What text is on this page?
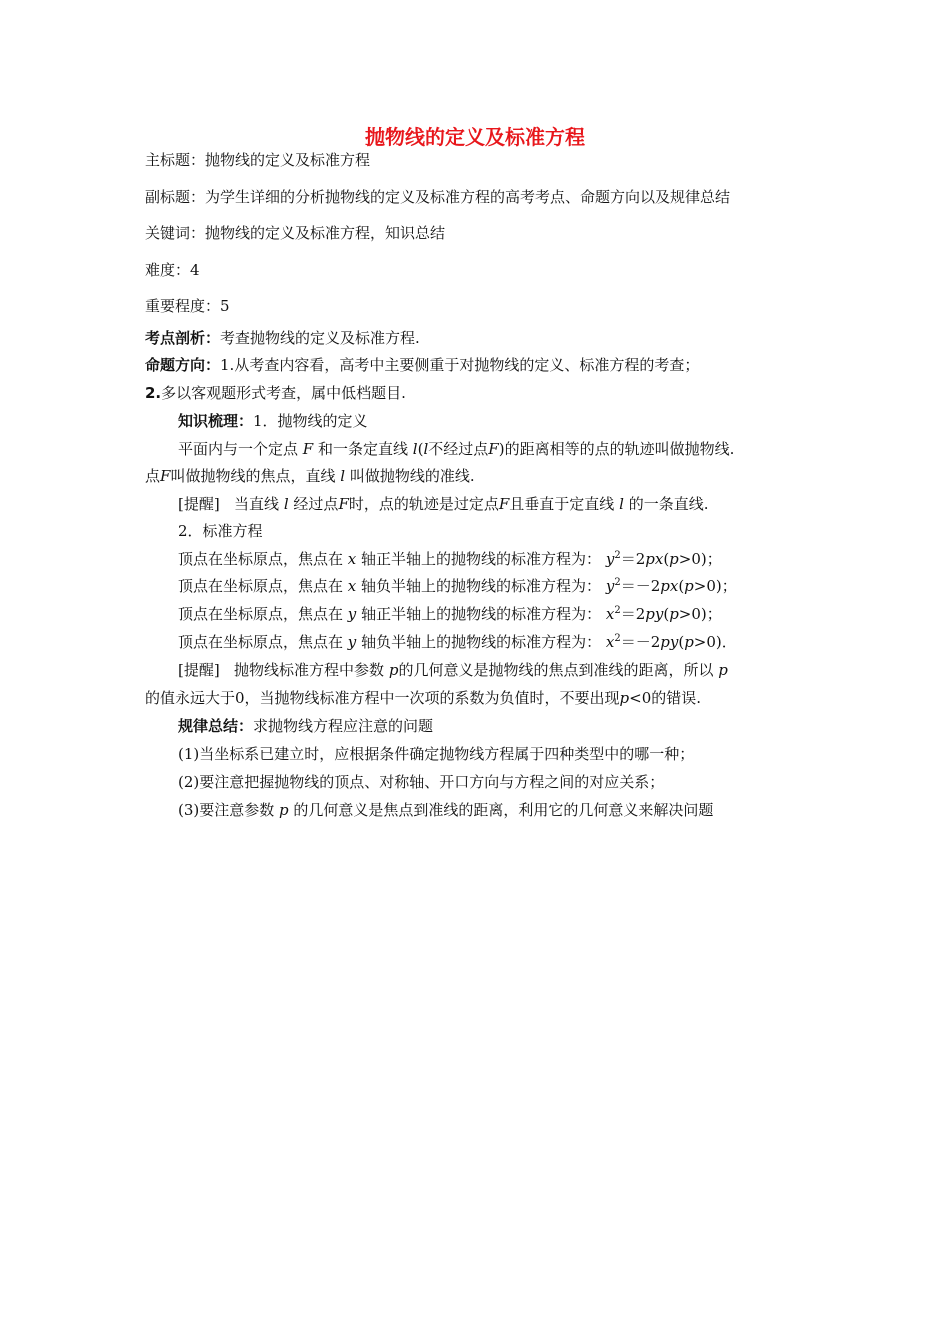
抛物线的定义及标准方程
主标题：抛物线的定义及标准方程
副标题：为学生详细的分析抛物线的定义及标准方程的高考考点、命题方向以及规律总结
关键词：抛物线的定义及标准方程，知识总结
难度：4
重要程度：5
考点剖析：考查抛物线的定义及标准方程.
命题方向：1.从考查内容看，高考中主要侧重于对抛物线的定义、标准方程的考查；
2.多以客观题形式考查，属中低档题目.
知识梳理：1．抛物线的定义
平面内与一个定点 F 和一条定直线 l(l不经过点F)的距离相等的点的轨迹叫做抛物线.
点F叫做抛物线的焦点，直线 l 叫做抛物线的准线.
[提醒] 当直线 l 经过点F时，点的轨迹是过定点F且垂直于定直线 l 的一条直线.
2．标准方程
顶点在坐标原点，焦点在 x 轴正半轴上的抛物线的标准方程为： $y^2=2px(p>0)$；
顶点在坐标原点，焦点在 x 轴负半轴上的抛物线的标准方程为： $y^2=-2px(p>0)$；
顶点在坐标原点，焦点在 y 轴正半轴上的抛物线的标准方程为： $x^2=2py(p>0)$；
顶点在坐标原点，焦点在 y 轴负半轴上的抛物线的标准方程为： $x^2=-2py(p>0)$．
[提醒] 抛物线标准方程中参数 p的几何意义是抛物线的焦点到准线的距离，所以 p
的值永远大于0，当抛物线标准方程中一次项的系数为负值时，不要出现p<0的错误.
规律总结：求抛物线方程应注意的问题
(1)当坐标系已建立时，应根据条件确定抛物线方程属于四种类型中的哪一种；
(2)要注意把握抛物线的顶点、对称轴、开口方向与方程之间的对应关系；
(3)要注意参数 p 的几何意义是焦点到准线的距离，利用它的几何意义来解决问题
